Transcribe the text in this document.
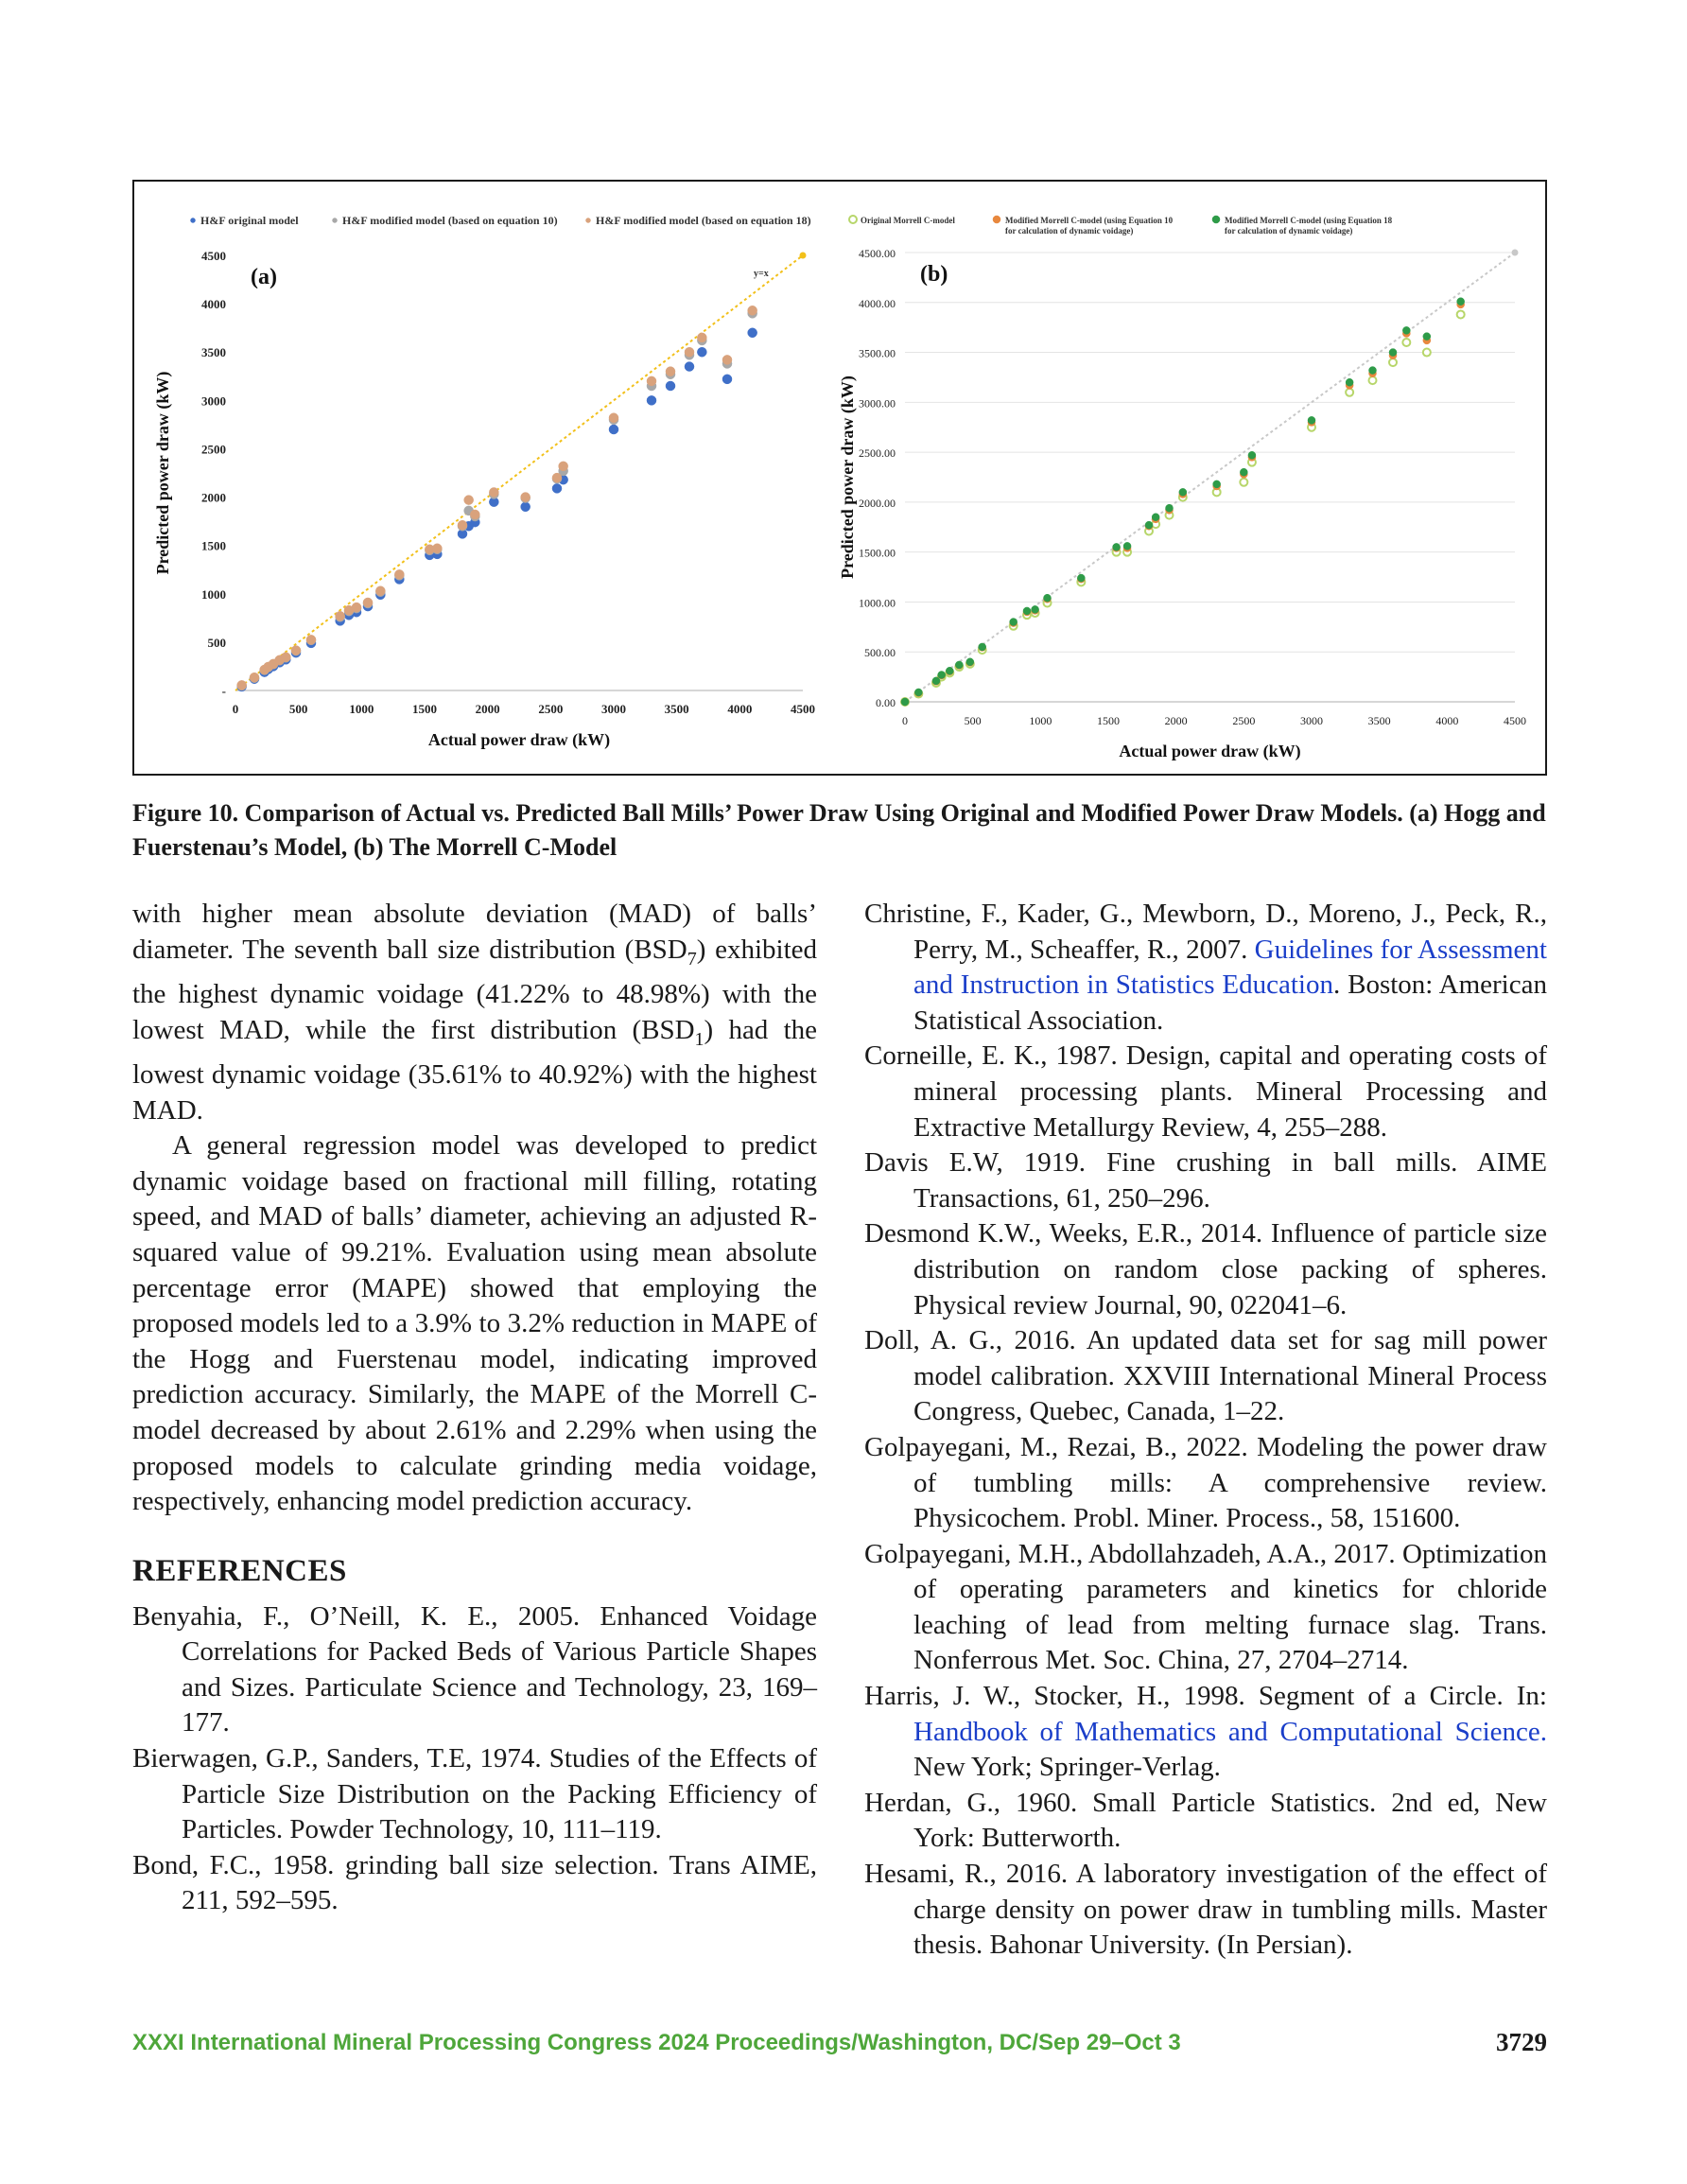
0	500	1000	1500	2000	2500	3000	3500	4000	4500
-
500
1000
1500
2000
2500
3000
3500
4000
4500
Actual power draw (kW)
Predicted power draw (kW)
y=x
(a)
H&F original model	H&F modified model (based on equation 10)	H&F modified model (based on equation 18)
0	500	1000	1500	2000	2500	3000	3500	4000	4500
0.00
500.00
1000.00
1500.00
2000.00
2500.00
3000.00
3500.00
4000.00
4500.00
Actual power draw (kW)
Predicted power draw (kW)
(b)
Original Morrell C-model	Modified Morrell C-model (using Equation 10
for calculation of dynamic voidage)
Modified Morrell C-model (using Equation 18
for calculation of dynamic voidage)
Figure 10. Comparison of Actual vs. Predicted Ball Mills’ Power Draw Using Original and Modified Power Draw Models. (a) Hogg and Fuerstenau’s Model, (b) The Morrell C-Model

with higher mean absolute deviation (MAD) of balls’ diameter. The seventh ball size distribution $(BSD_7)$ exhibited the highest dynamic voidage (41.22% to 48.98%) with the lowest MAD, while the first distribution $(BSD_1)$ had the lowest dynamic voidage (35.61% to 40.92%) with the highest MAD.

A general regression model was developed to predict dynamic voidage based on fractional mill filling, rotating speed, and MAD of balls’ diameter, achieving an adjusted R-squared value of 99.21%. Evaluation using mean absolute percentage error (MAPE) showed that employing the proposed models led to a 3.9% to 3.2% reduction in MAPE of the Hogg and Fuerstenau model, indicating improved prediction accuracy. Similarly, the MAPE of the Morrell C-model decreased by about 2.61% and 2.29% when using the proposed models to calculate grinding media voidage, respectively, enhancing model prediction accuracy.

REFERENCES

Benyahia, F., O’Neill, K. E., 2005. Enhanced Voidage Correlations for Packed Beds of Various Particle Shapes and Sizes. Particulate Science and Technology, 23, 169–177.

Bierwagen, G.P., Sanders, T.E, 1974. Studies of the Effects of Particle Size Distribution on the Packing Efficiency of Particles. Powder Technology, 10, 111–119.

Bond, F.C., 1958. grinding ball size selection. Trans AIME, 211, 592–595.

Christine, F., Kader, G., Mewborn, D., Moreno, J., Peck, R., Perry, M., Scheaffer, R., 2007. Guidelines for Assessment and Instruction in Statistics Education. Boston: American Statistical Association.

Corneille, E. K., 1987. Design, capital and operating costs of mineral processing plants. Mineral Processing and Extractive Metallurgy Review, 4, 255–288.

Davis E.W, 1919. Fine crushing in ball mills. AIME Transactions, 61, 250–296.

Desmond K.W., Weeks, E.R., 2014. Influence of particle size distribution on random close packing of spheres. Physical review Journal, 90, 022041–6.

Doll, A. G., 2016. An updated data set for sag mill power model calibration. XXVIII International Mineral Process Congress, Quebec, Canada, 1–22.

Golpayegani, M., Rezai, B., 2022. Modeling the power draw of tumbling mills: A comprehensive review. Physicochem. Probl. Miner. Process., 58, 151600.

Golpayegani, M.H., Abdollahzadeh, A.A., 2017. Optimization of operating parameters and kinetics for chloride leaching of lead from melting furnace slag. Trans. Nonferrous Met. Soc. China, 27, 2704–2714.

Harris, J. W., Stocker, H., 1998. Segment of a Circle. In: Handbook of Mathematics and Computational Science. New York; Springer-Verlag.

Herdan, G., 1960. Small Particle Statistics. 2nd ed, New York: Butterworth.

Hesami, R., 2016. A laboratory investigation of the effect of charge density on power draw in tumbling mills. Master thesis. Bahonar University. (In Persian).

XXXI International Mineral Processing Congress 2024 Proceedings/Washington, DC/Sep 29–Oct 3	3729
